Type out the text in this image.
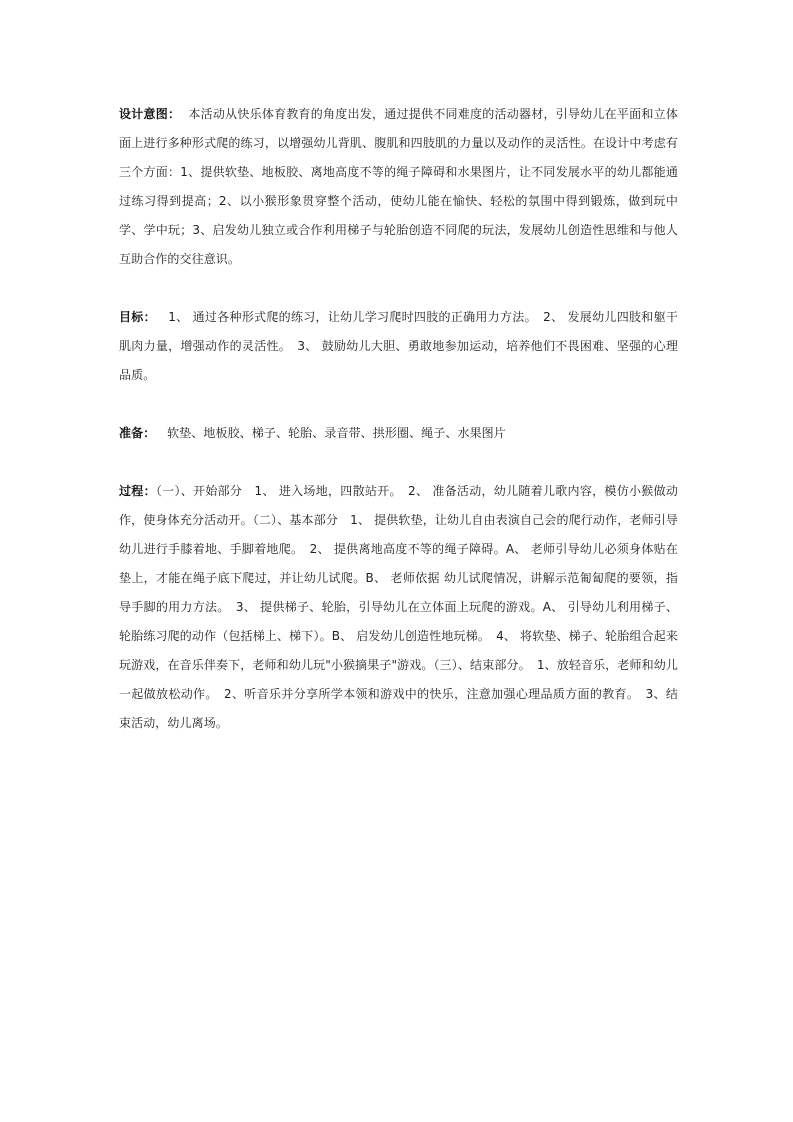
设计意图： 本活动从快乐体育教育的角度出发，通过提供不同难度的活动器材，引导幼儿在平面和立体面上进行多种形式爬的练习，以增强幼儿背肌、腹肌和四肢肌的力量以及动作的灵活性。在设计中考虑有三个方面：1、提供软垫、地板胶、离地高度不等的绳子障碍和水果图片，让不同发展水平的幼儿都能通过练习得到提高；2、以小猴形象贯穿整个活动，使幼儿能在愉快、轻松的氛围中得到锻炼，做到玩中学、学中玩；3、启发幼儿独立或合作利用梯子与轮胎创造不同爬的玩法，发展幼儿创造性思维和与他人互助合作的交往意识。

目标： 1、 通过各种形式爬的练习，让幼儿学习爬时四肢的正确用力方法。　2、 发展幼儿四肢和躯干肌肉力量，增强动作的灵活性。　3、 鼓励幼儿大胆、勇敢地参加运动，培养他们不畏困难、坚强的心理品质。

准备： 软垫、地板胶、梯子、轮胎、录音带、拱形圈、绳子、水果图片

过程：（一）、开始部分　1、 进入场地，四散站开。　2、 准备活动，幼儿随着儿歌内容，模仿小猴做动作，使身体充分活动开。（二）、基本部分　1、 提供软垫，让幼儿自由表演自己会的爬行动作，老师引导幼儿进行手膝着地、手脚着地爬。　2、 提供离地高度不等的绳子障碍。A、 老师引导幼儿必须身体贴在垫上，才能在绳子底下爬过，并让幼儿试爬。B、 老师依据 幼儿试爬情况，讲解示范匍匐爬的要领，指导手脚的用力方法。　3、 提供梯子、轮胎，引导幼儿在立体面上玩爬的游戏。A、 引导幼儿利用梯子、轮胎练习爬的动作（包括梯上、梯下）。B、 启发幼儿创造性地玩梯。　4、 将软垫、梯子、轮胎组合起来玩游戏，在音乐伴奏下，老师和幼儿玩"小猴摘果子"游戏。（三）、结束部分。　1、放轻音乐，老师和幼儿一起做放松动作。　2、听音乐并分享所学本领和游戏中的快乐，注意加强心理品质方面的教育。　3、结束活动，幼儿离场。
